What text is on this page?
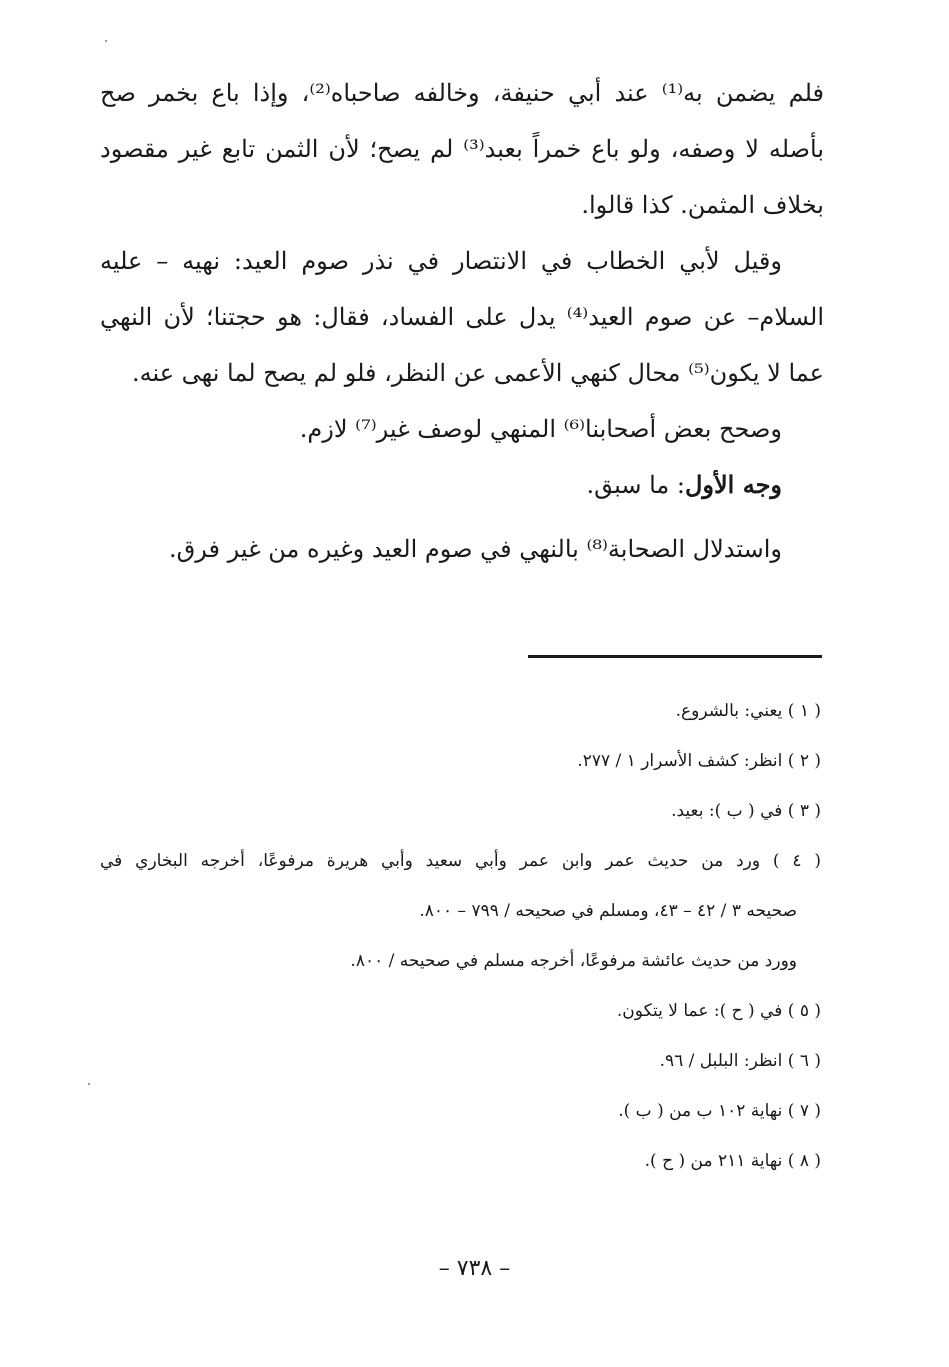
فلم يضمن به⁽¹⁾ عند أبي حنيفة، وخالفه صاحباه⁽²⁾، وإذا باع بخمر صح
بأصله لا وصفه، ولو باع خمراً بعبد⁽³⁾ لم يصح؛ لأن الثمن تابع غير مقصود
بخلاف المثمن. كذا قالوا.
وقيل لأبي الخطاب في الانتصار في نذر صوم العيد: نهيه – عليه
السلام– عن صوم العيد⁽⁴⁾ يدل على الفساد، فقال: هو حجتنا؛ لأن النهي
عما لا يكون⁽⁵⁾ محال كنهي الأعمى عن النظر، فلو لم يصح لما نهى عنه.
وصحح بعض أصحابنا⁽⁶⁾ المنهي لوصف غير⁽⁷⁾ لازم.
وجه الأول: ما سبق.
واستدلال الصحابة⁽⁸⁾ بالنهي في صوم العيد وغيره من غير فرق.
( ١ ) يعني: بالشروع.
( ٢ ) انظر: كشف الأسرار ١ / ٢٧٧.
( ٣ ) في ( ب ): بعيد.
( ٤ ) ورد من حديث عمر وابن عمر وأبي سعيد وأبي هريرة مرفوعًا، أخرجه البخاري في
صحيحه ٣ / ٤٢ – ٤٣، ومسلم في صحيحه / ٧٩٩ – ٨٠٠.
وورد من حديث عائشة مرفوعًا، أخرجه مسلم في صحيحه / ٨٠٠.
( ٥ ) في ( ح ): عما لا يتكون.
( ٦ ) انظر: البلبل / ٩٦.
( ٧ ) نهاية ١٠٢ ب من ( ب ).
( ٨ ) نهاية ٢١١ من ( ح ).
– ٧٣٨ –
